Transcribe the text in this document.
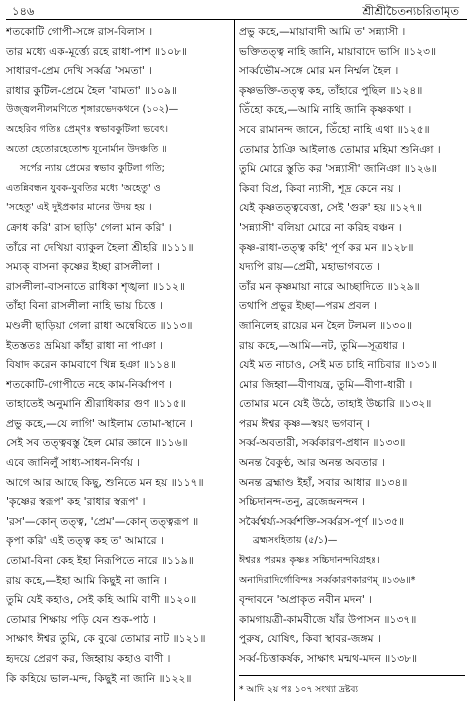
১৪৬	শ্রীশ্রীচৈতন্যচরিতামৃত
শতকোটি গোপী-সঙ্গে রাস-বিলাস ।
তার মধ্যে এক-মূর্ত্ত্যে রহে রাধা-পাশ ॥১০৮॥
সাধারণ-প্রেম দেখি সর্ব্বত্র 'সমতা' ।
রাধার কুটিল-প্রেমে হৈল 'বামতা' ॥১০৯॥
উজ্জ্বলনীলমণিতে শৃঙ্গারভেদকথনে (১০২)—
অহেরিব গতিঃ প্রেম্ণঃ স্বভাবকুটিলা ভবেৎ।
অতো হেতোরহেতোশ্চ যূনোর্মান উদঞ্চতি ॥
সর্পের ন্যায় প্রেমের স্বভাব কুটিলা গতি;
এতন্নিবন্ধন যুবক-যুবতির মধ্যে 'অহেতু' ও
'সহেতু' এই দুইপ্রকার মানের উদয় হয় ।
ক্রোধ করি' রাস ছাড়ি' গেলা মান করি' ।
তাঁরে না দেখিয়া ব্যাকুল হৈলা শ্রীহরি ॥১১১॥
সম্যক্ বাসনা কৃষ্ণের ইচ্ছা রাসলীলা ।
রাসলীলা-বাসনাতে রাধিকা শৃঙ্খলা ॥১১২॥
তাঁহা বিনা রাসলীলা নাহি ভায় চিত্তে ।
মণ্ডলী ছাড়িয়া গেলা রাধা অন্বেষিতে ॥১১৩॥
ইতস্ততঃ ভ্রমিয়া কাঁহা রাধা না পাঞা ।
বিষাদ করেন কামবাণে খিন্ন হঞা ॥১১৪॥
শতকোটি-গোপীতে নহে কাম-নির্ব্বাপণ ।
তাহাতেই অনুমানি শ্রীরাধিকার গুণ ॥১১৫॥
প্রভু কহে,—যে লাগি' আইলাম তোমা-স্থানে ।
সেই সব তত্ত্ববস্তু হৈল মোর জ্ঞানে ॥১১৬॥
এবে জানিলুঁ সাধ্য-সাধন-নির্ণয় ।
আগে আর আছে কিছু, শুনিতে মন হয় ॥১১৭॥
'কৃষ্ণের স্বরূপ' কহ 'রাধার স্বরূপ' ।
'রস'—কোন্ তত্ত্ব, 'প্রেম'—কোন্ তত্ত্বরূপ ॥
কৃপা করি' এই তত্ত্ব কহ ত' আমারে ।
তোমা-বিনা কেহ ইহা নিরূপিতে নারে ॥১১৯॥
রায় কহে,—ইহা আমি কিছুই না জানি ।
তুমি যেই কহাও, সেই কহি আমি বাণী ॥১২০॥
তোমার শিক্ষায় পড়ি যেন শুক-পাঠ ।
সাক্ষাৎ ঈশ্বর তুমি, কে বুঝে তোমার নাট ॥১২১॥
হৃদয়ে প্রেরণ কর, জিহ্বায় কহাও বাণী ।
কি কহিয়ে ভাল-মন্দ, কিছুই না জানি ॥১২২॥
প্রভু কহে,—মায়াবাদী আমি ত' সন্ন্যাসী ।
ভক্তিতত্ত্ব নাহি জানি, মায়াবাদে ভাসি ॥১২৩॥
সার্ব্বভৌম-সঙ্গে মোর মন নির্ম্মল হৈল ।
কৃষ্ণভক্তি-তত্ত্ব কহ, তাঁহারে পুছিল ॥১২৪॥
তিঁহো কহে,—আমি নাহি জানি কৃষ্ণকথা ।
সবে রামানন্দ জানে, তিঁহো নাহি এথা ॥১২৫॥
তোমার ঠাঞি আইলাঙ তোমার মহিমা শুনিঞা ।
তুমি মোরে স্তুতি কর 'সন্ন্যাসী' জানিঞা ॥১২৬॥
কিবা বিপ্র, কিবা ন্যাসী, শূদ্র কেনে নয় ।
যেই কৃষ্ণতত্ত্ববেত্তা, সেই 'গুরু' হয় ॥১২৭॥
'সন্ন্যাসী' বলিয়া মোরে না করিহ বঞ্চন ।
কৃষ্ণ-রাধা-তত্ত্ব কহি' পূর্ণ কর মন ॥১২৮॥
যদ্যপি রায়—প্রেমী, মহাভাগবতে ।
তাঁর মন কৃষ্ণমায়া নারে আচ্ছাদিতে ॥১২৯॥
তথাপি প্রভুর ইচ্ছা—পরম প্রবল ।
জানিলেহ রায়ের মন হৈল টলমল ॥১৩০॥
রায় কহে,—আমি—নট, তুমি—সূত্রধার ।
যেই মত নাচাও, সেই মত চাহি নাচিবার ॥১৩১॥
মোর জিহ্বা—বীণাযন্ত্র, তুমি—বীণা-ধারী ।
তোমার মনে যেই উঠে, তাহাই উচ্চারি ॥১৩২॥
পরম ঈশ্বর কৃষ্ণ—স্বয়ং ভগবান্ ।
সর্ব্ব-অবতারী, সর্ব্বকারণ-প্রধান ॥১৩৩॥
অনন্ত বৈকুণ্ঠ, আর অনন্ত অবতার ।
অনন্ত ব্রহ্মাণ্ড ইহাঁ, সবার আধার ॥১৩৪॥
সচ্চিদানন্দ-তনু, ব্রজেন্দ্রনন্দন ।
সর্ব্বৈশ্বর্য্য-সর্ব্বশক্তি-সর্ব্বরস-পূর্ণ ॥১৩৫॥
ব্রহ্মসংহিতায় (৫/১)—
ঈশ্বরঃ পরমঃ কৃষ্ণঃ সচ্চিদানন্দবিগ্রহঃ।
অনাদিরাদির্গোবিন্দঃ সর্ব্বকারণকারণম্ ॥১৩৬॥*
বৃন্দাবনে 'অপ্রাকৃত নবীন মদন' ।
কামগায়ত্রী-কামবীজে যাঁর উপাসন ॥১৩৭॥
পুরুষ, যোষিৎ, কিবা স্থাবর-জঙ্গম ।
সর্ব্ব-চিত্তাকর্ষক, সাক্ষাৎ মন্মথ-মদন ॥১৩৮॥
* আদি ২য় পঃ ১০৭ সংখ্যা দ্রষ্টব্য
